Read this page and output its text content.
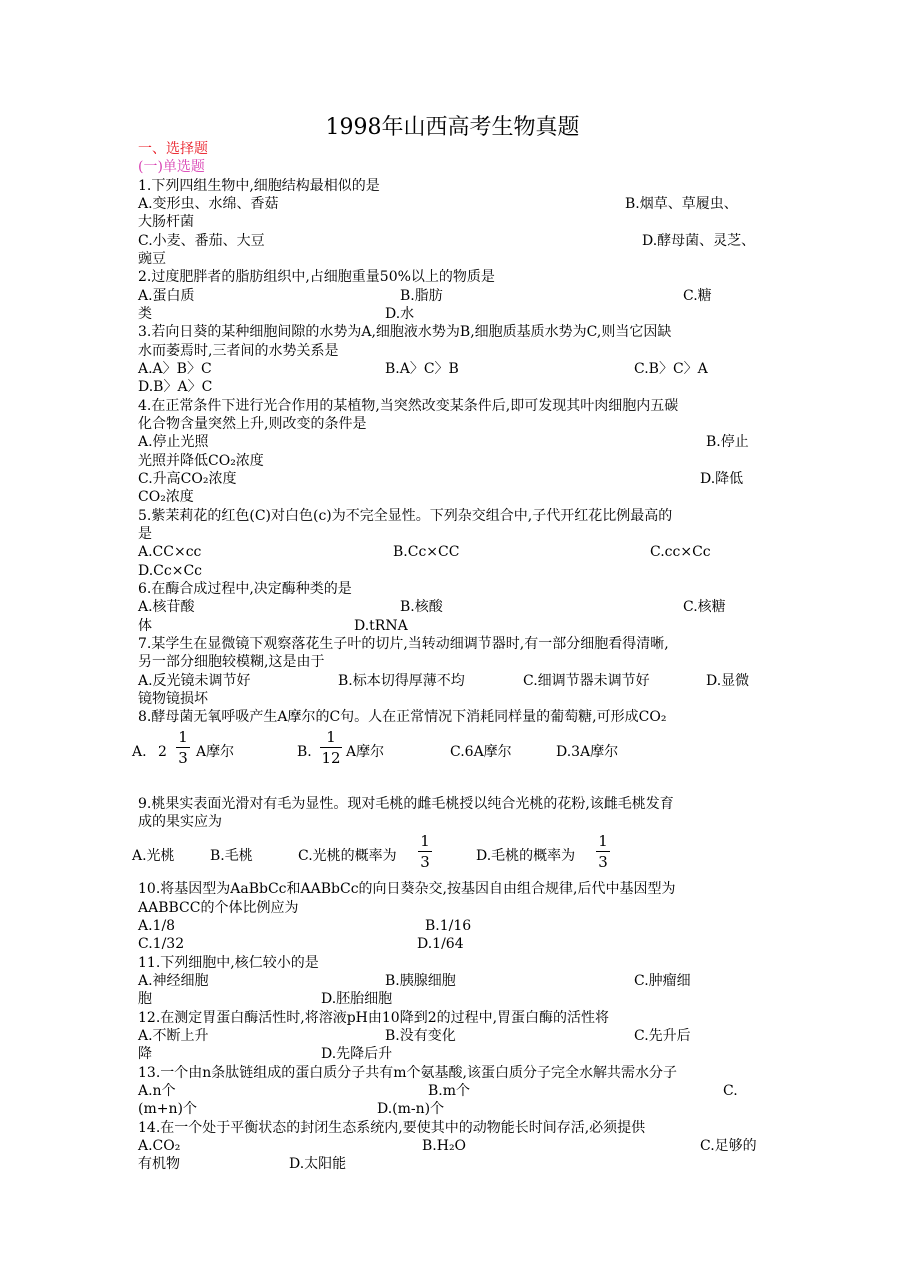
1998年山西高考生物真题
一、选择题
(一)单选题
1.下列四组生物中,细胞结构最相似的是
A.变形虫、水绵、香菇	B.烟草、草履虫、
大肠杆菌
C.小麦、番茄、大豆	D.酵母菌、灵芝、
豌豆
2.过度肥胖者的脂肪组织中,占细胞重量50%以上的物质是
A.蛋白质	B.脂肪	C.糖
类	D.水
3.若向日葵的某种细胞间隙的水势为A,细胞液水势为B,细胞质基质水势为C,则当它因缺
水而萎焉时,三者间的水势关系是
A.A〉B〉C	B.A〉C〉B	C.B〉C〉A
D.B〉A〉C
4.在正常条件下进行光合作用的某植物,当突然改变某条件后,即可发现其叶肉细胞内五碳
化合物含量突然上升,则改变的条件是
A.停止光照	B.停止
光照并降低CO₂浓度
C.升高CO₂浓度	D.降低
CO₂浓度
5.紫茉莉花的红色(C)对白色(c)为不完全显性。下列杂交组合中,子代开红花比例最高的
是
A.CC×cc	B.Cc×CC	C.cc×Cc
D.Cc×Cc
6.在酶合成过程中,决定酶种类的是
A.核苷酸	B.核酸	C.核糖
体	D.tRNA
7.某学生在显微镜下观察落花生子叶的切片,当转动细调节器时,有一部分细胞看得清晰,
另一部分细胞较模糊,这是由于
A.反光镜未调节好	B.标本切得厚薄不均	C.细调节器未调节好	D.显微
镜物镜损坏
8.酵母菌无氧呼吸产生A摩尔的C句。人在正常情况下消耗同样量的葡萄糖,可形成CO₂
A. 2
1
3 A摩尔	B.
1
12 A摩尔	C.6A摩尔	D.3A摩尔
9.桃果实表面光滑对有毛为显性。现对毛桃的雌毛桃授以纯合光桃的花粉,该雌毛桃发育
成的果实应为
A.光桃	B.毛桃	C.光桃的概率为
1
3	D.毛桃的概率为
1
3
10.将基因型为AaBbCc和AABbCc的向日葵杂交,按基因自由组合规律,后代中基因型为
AABBCC的个体比例应为
A.1/8	B.1/16
C.1/32	D.1/64
11.下列细胞中,核仁较小的是
A.神经细胞	B.胰腺细胞	C.肿瘤细
胞	D.胚胎细胞
12.在测定胃蛋白酶活性时,将溶液pH由10降到2的过程中,胃蛋白酶的活性将
A.不断上升	B.没有变化	C.先升后
降	D.先降后升
13.一个由n条肽链组成的蛋白质分子共有m个氨基酸,该蛋白质分子完全水解共需水分子
A.n个	B.m个	C.
(m+n)个	D.(m-n)个
14.在一个处于平衡状态的封闭生态系统内,要使其中的动物能长时间存活,必须提供
A.CO₂	B.H₂O	C.足够的
有机物	D.太阳能
